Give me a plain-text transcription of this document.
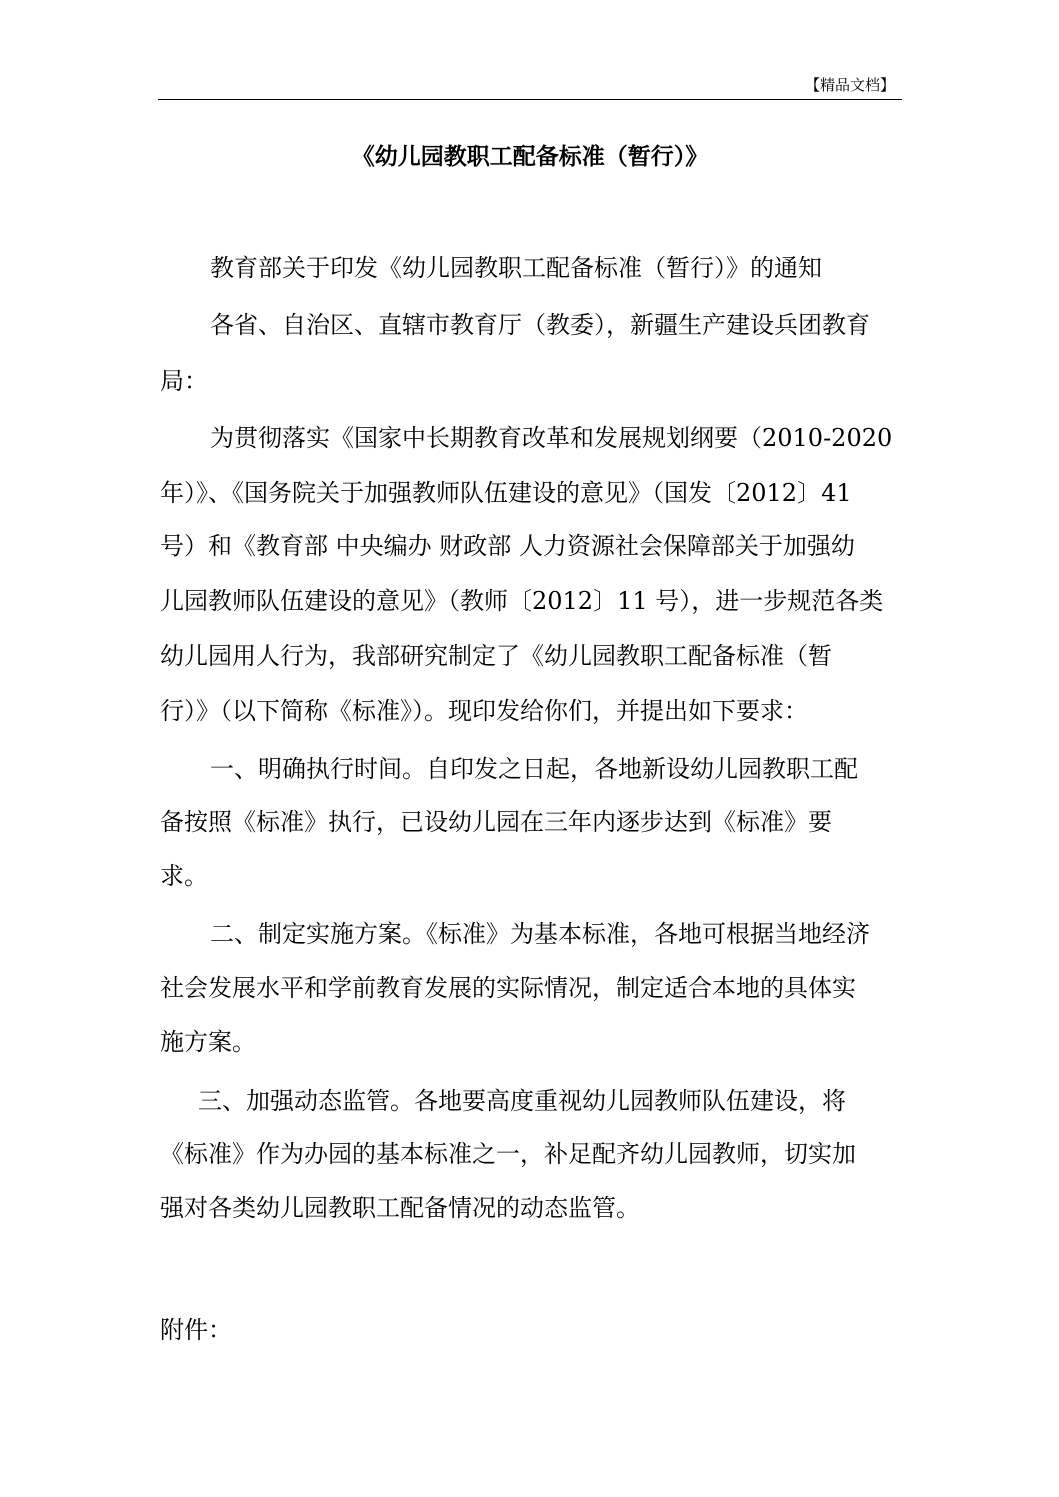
【精品文档】
《幼儿园教职工配备标准（暂行）》
教育部关于印发《幼儿园教职工配备标准（暂行）》的通知
各省、自治区、直辖市教育厅（教委），新疆生产建设兵团教育
局：
为贯彻落实《国家中长期教育改革和发展规划纲要（2010-2020
年）》、《国务院关于加强教师队伍建设的意见》（国发〔2012〕41
号）和《教育部 中央编办 财政部 人力资源社会保障部关于加强幼
儿园教师队伍建设的意见》（教师〔2012〕11 号），进一步规范各类
幼儿园用人行为，我部研究制定了《幼儿园教职工配备标准（暂
行）》（以下简称《标准》）。现印发给你们，并提出如下要求：
一、明确执行时间。自印发之日起，各地新设幼儿园教职工配
备按照《标准》执行，已设幼儿园在三年内逐步达到《标准》要
求。
二、制定实施方案。《标准》为基本标准，各地可根据当地经济
社会发展水平和学前教育发展的实际情况，制定适合本地的具体实
施方案。
三、加强动态监管。各地要高度重视幼儿园教师队伍建设，将
《标准》作为办园的基本标准之一，补足配齐幼儿园教师，切实加
强对各类幼儿园教职工配备情况的动态监管。
附件：
